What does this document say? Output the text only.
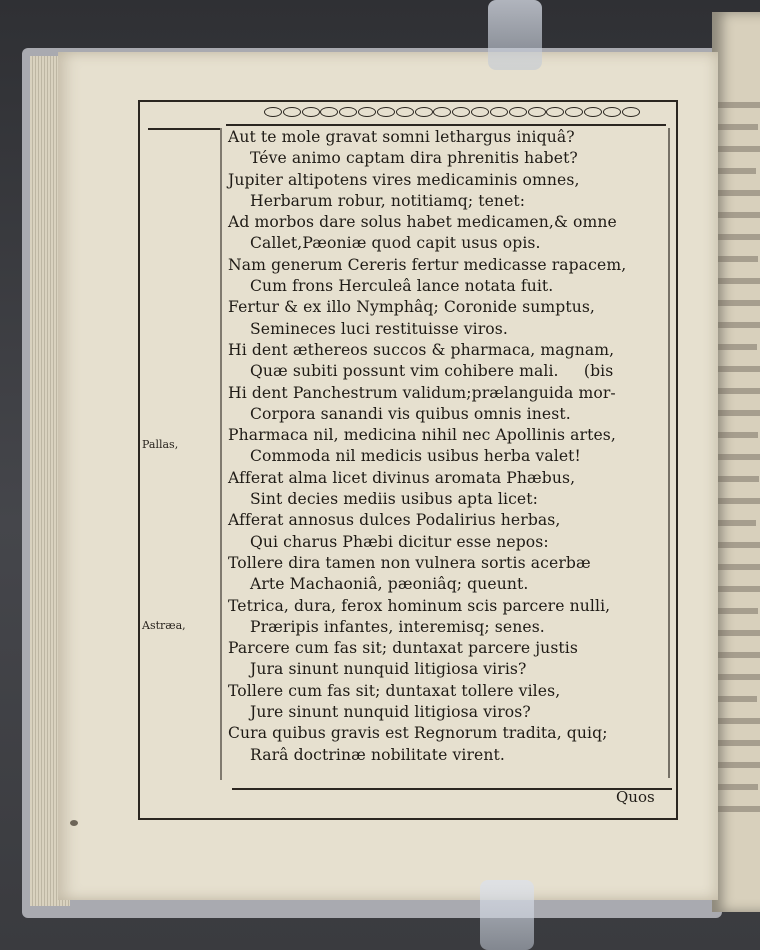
Pallas,
Astræa,
Aut te mole gravat somni lethargus iniquâ?
Téve animo captam dira phrenitis habet?
Jupiter altipotens vires medicaminis omnes,
Herbarum robur, notitiamq; tenet:
Ad morbos dare solus habet medicamen,& omne
Callet,Pæoniæ quod capit usus opis.
Nam generum Cereris fertur medicasse rapacem,
Cum frons Herculeâ lance notata fuit.
Fertur & ex illo Nymphâq; Coronide sumptus,
Semineces luci restituisse viros.
Hi dent æthereos succos & pharmaca, magnam,
Quæ subiti possunt vim cohibere mali.     (bis
Hi dent Panchestrum validum;prælanguida mor-
Corpora sanandi vis quibus omnis inest.
Pharmaca nil, medicina nihil nec Apollinis artes,
Commoda nil medicis usibus herba valet!
Afferat alma licet divinus aromata Phæbus,
Sint decies mediis usibus apta licet:
Afferat annosus dulces Podalirius herbas,
Qui charus Phæbi dicitur esse nepos:
Tollere dira tamen non vulnera sortis acerbæ
Arte Machaoniâ, pæoniâq; queunt.
Tetrica, dura, ferox hominum scis parcere nulli,
Præripis infantes, interemisq; senes.
Parcere cum fas sit; duntaxat parcere justis
Jura sinunt nunquid litigiosa viris?
Tollere cum fas sit; duntaxat tollere viles,
Jure sinunt nunquid litigiosa viros?
Cura quibus gravis est Regnorum tradita, quiq;
Rarâ doctrinæ nobilitate virent.
Quos
